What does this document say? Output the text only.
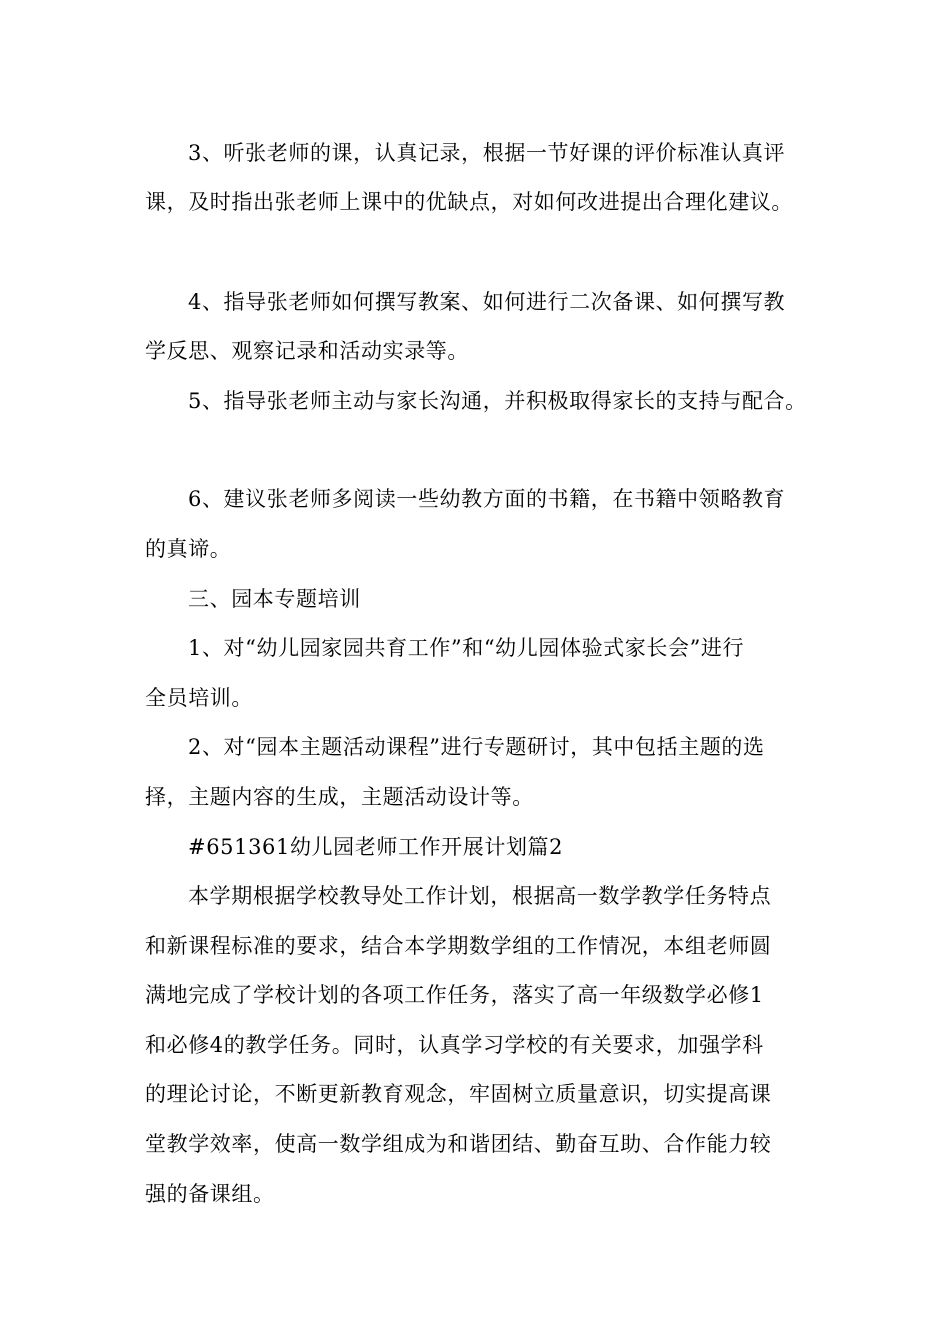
3、听张老师的课，认真记录，根据一节好课的评价标准认真评
课，及时指出张老师上课中的优缺点，对如何改进提出合理化建议。
4、指导张老师如何撰写教案、如何进行二次备课、如何撰写教
学反思、观察记录和活动实录等。
5、指导张老师主动与家长沟通，并积极取得家长的支持与配合。
6、建议张老师多阅读一些幼教方面的书籍，在书籍中领略教育
的真谛。
三、园本专题培训
1、对“幼儿园家园共育工作”和“幼儿园体验式家长会”进行
全员培训。
2、对“园本主题活动课程”进行专题研讨，其中包括主题的选
择，主题内容的生成，主题活动设计等。
#651361幼儿园老师工作开展计划篇2
本学期根据学校教导处工作计划，根据高一数学教学任务特点
和新课程标准的要求，结合本学期数学组的工作情况，本组老师圆
满地完成了学校计划的各项工作任务，落实了高一年级数学必修1
和必修4的教学任务。同时，认真学习学校的有关要求，加强学科
的理论讨论，不断更新教育观念，牢固树立质量意识，切实提高课
堂教学效率，使高一数学组成为和谐团结、勤奋互助、合作能力较
强的备课组。
